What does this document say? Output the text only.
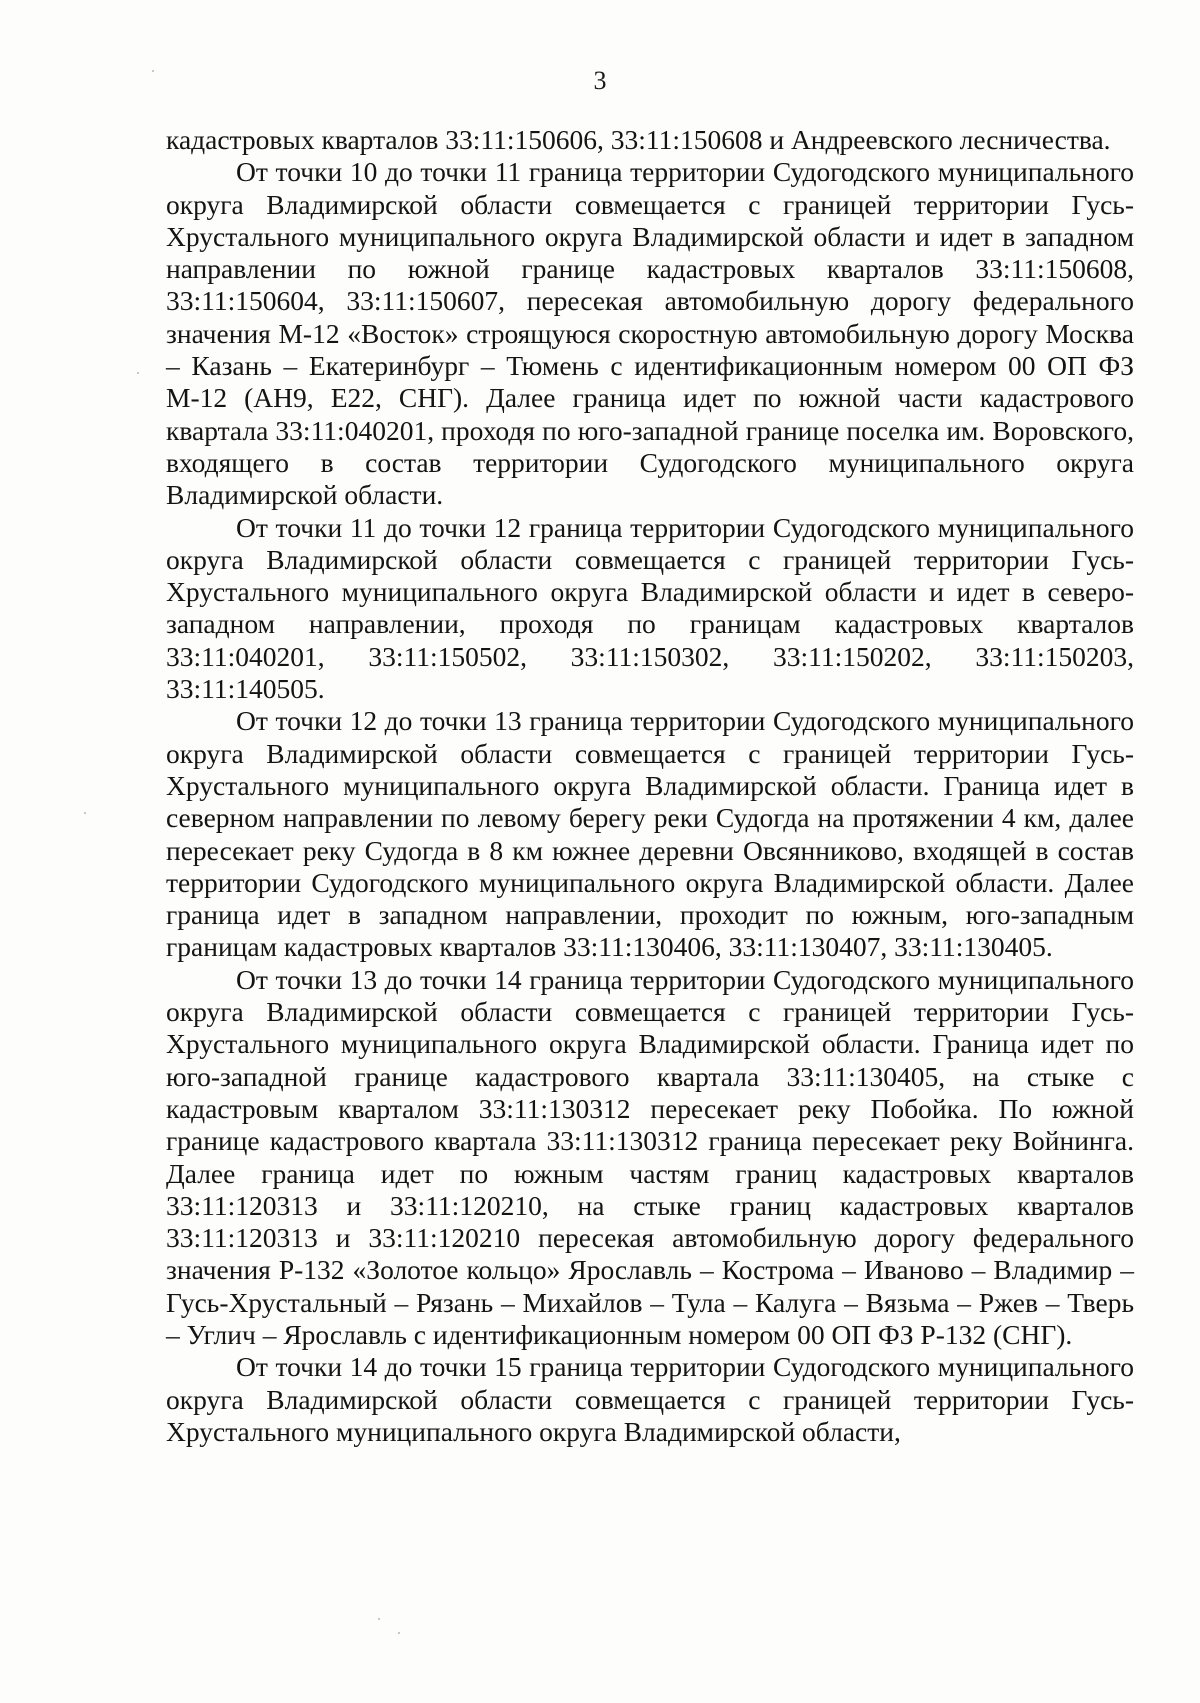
3

кадастровых кварталов 33:11:150606, 33:11:150608 и Андреевского лесничества.

От точки 10 до точки 11 граница территории Судогодского муниципального округа Владимирской области совмещается с границей территории Гусь-Хрустального муниципального округа Владимирской области и идет в западном направлении по южной границе кадастровых кварталов 33:11:150608, 33:11:150604, 33:11:150607, пересекая автомобильную дорогу федерального значения М-12 «Восток» строящуюся скоростную автомобильную дорогу Москва – Казань – Екатеринбург – Тюмень с идентификационным номером 00 ОП ФЗ М-12 (АН9, Е22, СНГ). Далее граница идет по южной части кадастрового квартала 33:11:040201, проходя по юго-западной границе поселка им. Воровского, входящего в состав территории Судогодского муниципального округа Владимирской области.

От точки 11 до точки 12 граница территории Судогодского муниципального округа Владимирской области совмещается с границей территории Гусь-Хрустального муниципального округа Владимирской области и идет в северо-западном направлении, проходя по границам кадастровых кварталов 33:11:040201, 33:11:150502, 33:11:150302, 33:11:150202, 33:11:150203, 33:11:140505.

От точки 12 до точки 13 граница территории Судогодского муниципального округа Владимирской области совмещается с границей территории Гусь-Хрустального муниципального округа Владимирской области. Граница идет в северном направлении по левому берегу реки Судогда на протяжении 4 км, далее пересекает реку Судогда в 8 км южнее деревни Овсянниково, входящей в состав территории Судогодского муниципального округа Владимирской области. Далее граница идет в западном направлении, проходит по южным, юго-западным границам кадастровых кварталов 33:11:130406, 33:11:130407, 33:11:130405.

От точки 13 до точки 14 граница территории Судогодского муниципального округа Владимирской области совмещается с границей территории Гусь-Хрустального муниципального округа Владимирской области. Граница идет по юго-западной границе кадастрового квартала 33:11:130405, на стыке с кадастровым кварталом 33:11:130312 пересекает реку Побойка. По южной границе кадастрового квартала 33:11:130312 граница пересекает реку Войнинга. Далее граница идет по южным частям границ кадастровых кварталов 33:11:120313 и 33:11:120210, на стыке границ кадастровых кварталов 33:11:120313 и 33:11:120210 пересекая автомобильную дорогу федерального значения Р-132 «Золотое кольцо» Ярославль – Кострома – Иваново – Владимир – Гусь-Хрустальный – Рязань – Михайлов – Тула – Калуга – Вязьма – Ржев – Тверь – Углич – Ярославль с идентификационным номером 00 ОП ФЗ Р-132 (СНГ).

От точки 14 до точки 15 граница территории Судогодского муниципального округа Владимирской области совмещается с границей территории Гусь-Хрустального муниципального округа Владимирской области,
